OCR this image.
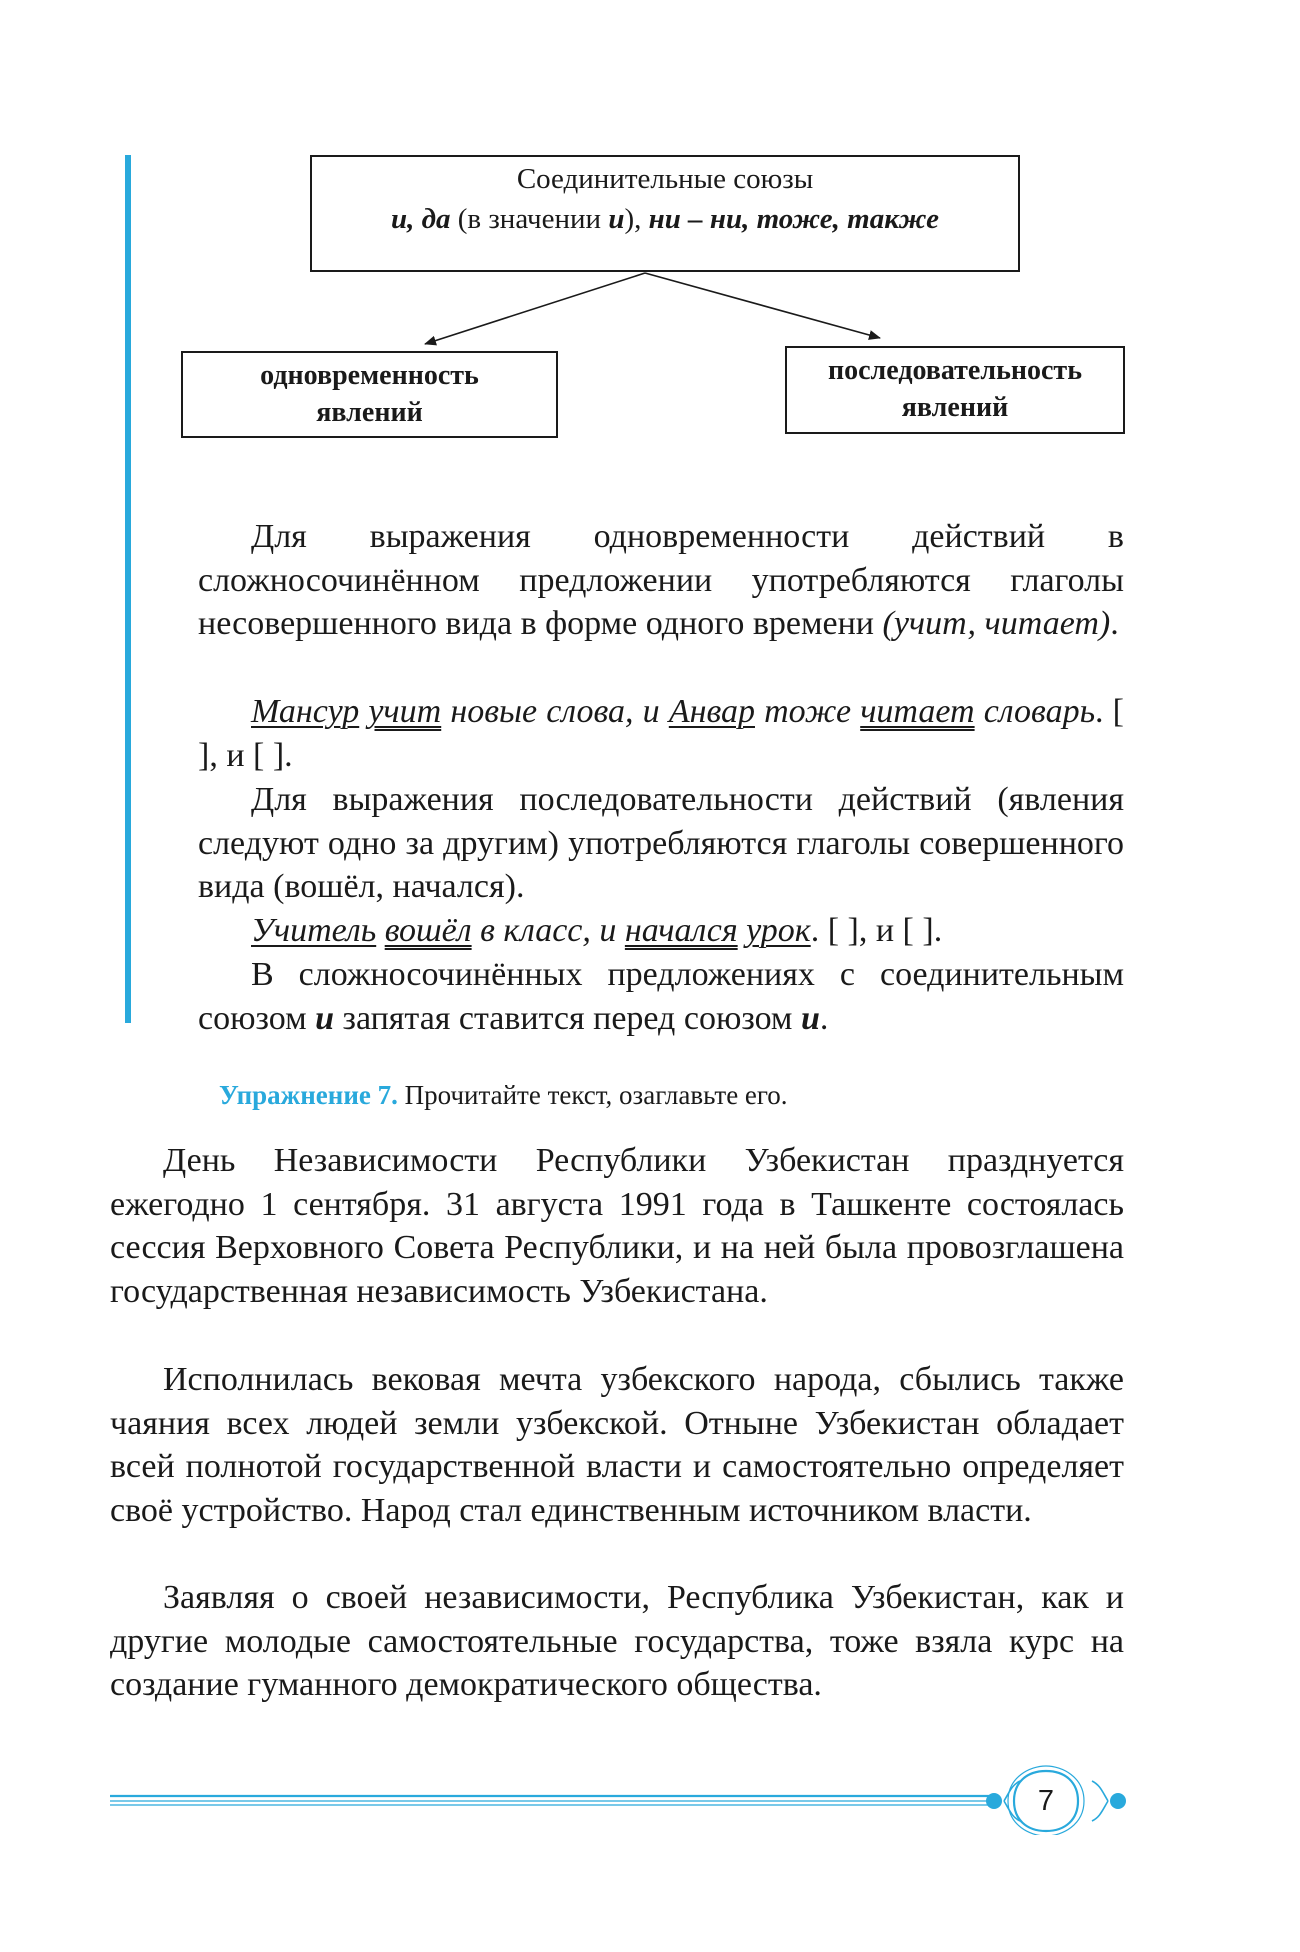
Соединительные союзы
и, да (в значении и), ни – ни, тоже, также
одновременность
явлений
последовательность
явлений

Для выражения одновременности действий в сложносочинённом предложении употребляются глаголы несовершенного вида в форме одного времени (учит, читает).

Мансур учит новые слова, и Анвар тоже читает словарь. [ ], и [ ].

Для выражения последовательности действий (явления следуют одно за другим) употребляются глаголы совершенного вида (вошёл, начался).

Учитель вошёл в класс, и начался урок. [ ], и [ ].

В сложносочинённых предложениях с соединительным союзом и запятая ставится перед союзом и.

Упражнение 7. Прочитайте текст, озаглавьте его.

День Независимости Республики Узбекистан празднуется ежегодно 1 сентября. 31 августа 1991 года в Ташкенте состоялась сессия Верховного Совета Республики, и на ней была провозглашена государственная независимость Узбекистана.

Исполнилась вековая мечта узбекского народа, сбылись также чаяния всех людей земли узбекской. Отныне Узбекистан обладает всей полнотой государственной власти и самостоятельно определяет своё устройство. Народ стал единственным источником власти.

Заявляя о своей независимости, Республика Узбекистан, как и другие молодые самостоятельные государства, тоже взяла курс на создание гуманного демократического общества.

7
